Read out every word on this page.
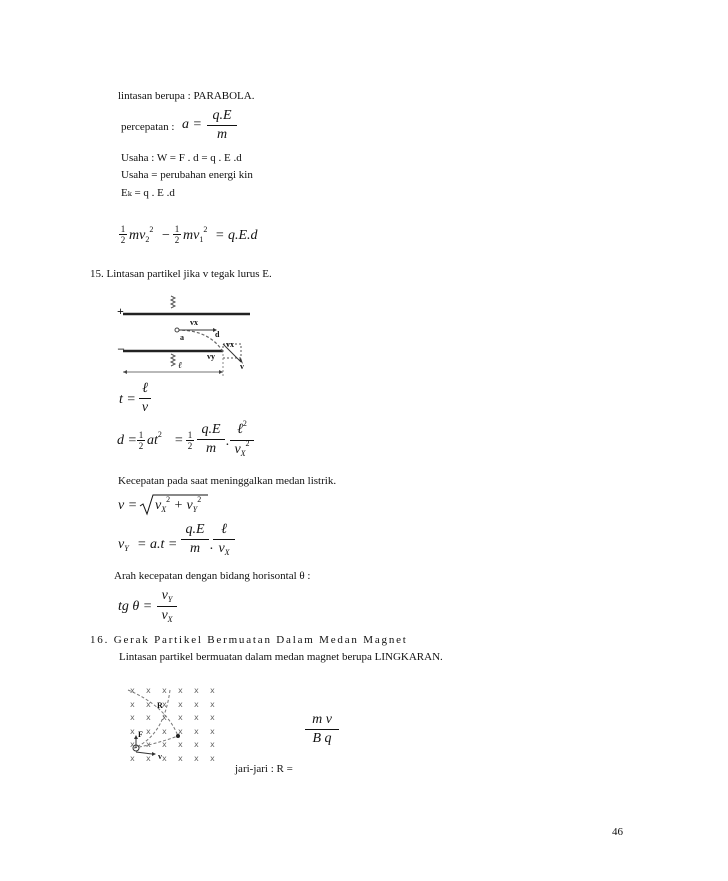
lintasan berupa : PARABOLA.
percepatan : a =
q.E
m
Usaha : W = F . d = q . E .d
Usaha = perubahan energi kin
Eₖ = q . E .d
1
2 $mv_2^2 - 1$
2 $mv_1^2 = q.E.d$
15. Lintasan partikel jika v tegak lurus E.
+
–
vx
a	d
vx
vy
ℓ	v
t =
ℓ
v
d = 1
2 $at^2 = 1$
2
q.E
m .
ℓ$^2$
$v_X^2$
Kecepatan pada saat meninggalkan medan listrik.
$v = v_X^2 + v_Y^2$
$v_Y = a.t$ =
q.E
m .
ℓ
$v_X$
Arah kecepatan dengan bidang horisontal θ :
tg θ =
$v_Y$
$v_X$
16. Gerak Partikel Bermuatan Dalam Medan Magnet
Lintasan partikel bermuatan dalam medan magnet berupa LINGKARAN.
x x x x x x
x x x x x x
x x x x x x
x x x x x x
x x x x x x
x x x x x x
R
F
v
m v
B q
jari-jari : R =
46
